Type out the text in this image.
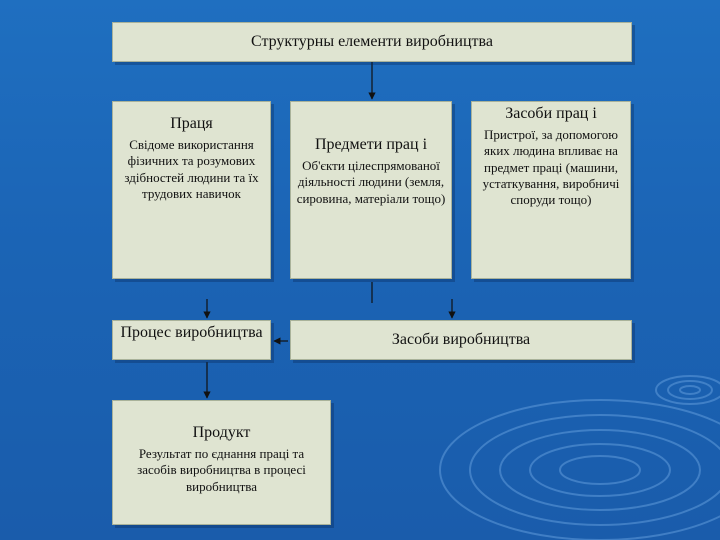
Структурны елементи виробництва
Праця
Свідоме використання фізичних та розумових здібностей людини та їх трудових навичок
Предмети прац і
Об'єкти цілеспрямованої діяльності людини (земля, сировина, матеріали тощо)
Засоби прац і
Пристрої, за допомогою яких людина впливає на предмет праці (машини, устаткування, виробничі споруди тощо)
Процес виробництва	Засоби виробництва
Продукт
Результат по єднання праці та засобів виробництва в процесі виробництва
